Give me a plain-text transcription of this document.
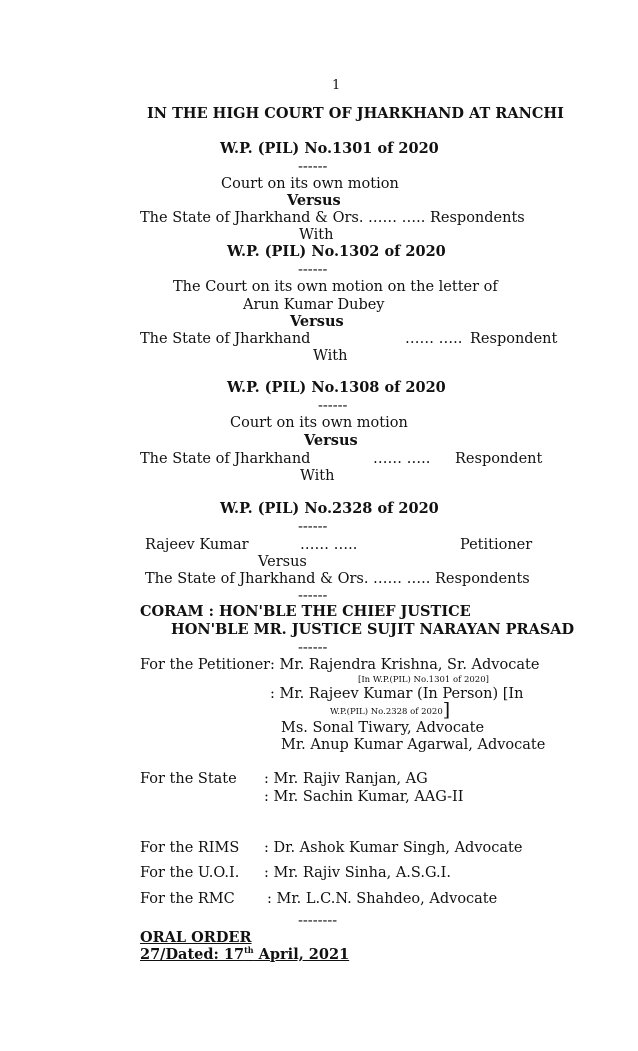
1
IN THE HIGH COURT OF JHARKHAND AT RANCHI
W.P. (PIL) No.1301 of 2020
------
Court on its own motion
Versus
The State of Jharkhand & Ors. …… ….. Respondents
With
W.P. (PIL) No.1302 of 2020
------
The Court on its own motion on the letter of
Arun Kumar Dubey
Versus
The State of Jharkhand	…… ….. Respondent
With
W.P. (PIL) No.1308 of 2020
------
Court on its own motion
Versus
The State of Jharkhand	…… ….. Respondent
With
W.P. (PIL) No.2328 of 2020
------
Rajeev Kumar	…… …..	Petitioner
Versus
The State of Jharkhand & Ors. …… ….. Respondents
------
CORAM : HON'BLE THE CHIEF JUSTICE
HON'BLE MR. JUSTICE SUJIT NARAYAN PRASAD
------
For the Petitioner : Mr. Rajendra Krishna, Sr. Advocate
[In W.P.(PIL) No.1301 of 2020]
: Mr. Rajeev Kumar (In Person) [In
W.P.(PIL) No.2328 of 2020]
Ms. Sonal Tiwary, Advocate
Mr. Anup Kumar Agarwal, Advocate
For the State : Mr. Rajiv Ranjan, AG
: Mr. Sachin Kumar, AAG-II
For the RIMS : Dr. Ashok Kumar Singh, Advocate
For the U.O.I. : Mr. Rajiv Sinha, A.S.G.I.
For the RMC : Mr. L.C.N. Shahdeo, Advocate
--------
ORAL ORDER
27/Dated: 17th April, 2021
